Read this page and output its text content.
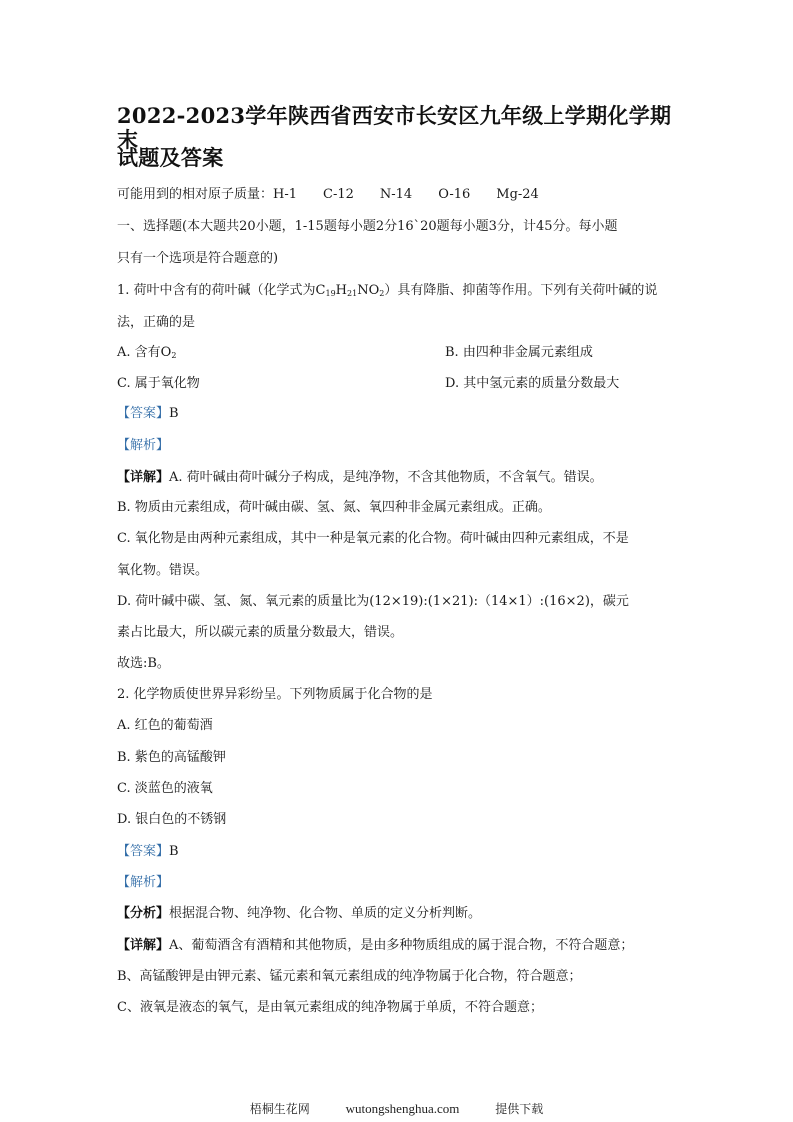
2022-2023学年陕西省西安市长安区九年级上学期化学期末
试题及答案
可能用到的相对原子质量：H-1　　C-12　　N-14　　O-16　　Mg-24
一、选择题(本大题共20小题，1-15题每小题2分16`20题每小题3分，计45分。每小题
只有一个选项是符合题意的)
1. 荷叶中含有的荷叶碱（化学式为$C_{19}H_{21}NO_2$）具有降脂、抑菌等作用。下列有关荷叶碱的说
法，正确的是
A. 含有$O_2$	B. 由四种非金属元素组成
C. 属于氧化物	D. 其中氢元素的质量分数最大
【答案】B
【解析】
【详解】A. 荷叶碱由荷叶碱分子构成，是纯净物，不含其他物质，不含氧气。错误。
B. 物质由元素组成，荷叶碱由碳、氢、氮、氧四种非金属元素组成。正确。
C. 氧化物是由两种元素组成，其中一种是氧元素的化合物。荷叶碱由四种元素组成，不是
氧化物。错误。
D. 荷叶碱中碳、氢、氮、氧元素的质量比为(12×19):(1×21):（14×1）:(16×2)，碳元
素占比最大，所以碳元素的质量分数最大，错误。
故选:B。
2. 化学物质使世界异彩纷呈。下列物质属于化合物的是
A. 红色的葡萄酒
B. 紫色的高锰酸钾
C. 淡蓝色的液氧
D. 银白色的不锈钢
【答案】B
【解析】
【分析】根据混合物、纯净物、化合物、单质的定义分析判断。
【详解】A、葡萄酒含有酒精和其他物质，是由多种物质组成的属于混合物，不符合题意；
B、高锰酸钾是由钾元素、锰元素和氧元素组成的纯净物属于化合物，符合题意；
C、液氧是液态的氧气，是由氧元素组成的纯净物属于单质，不符合题意；
梧桐生花网	wutongshenghua.com	提供下载
